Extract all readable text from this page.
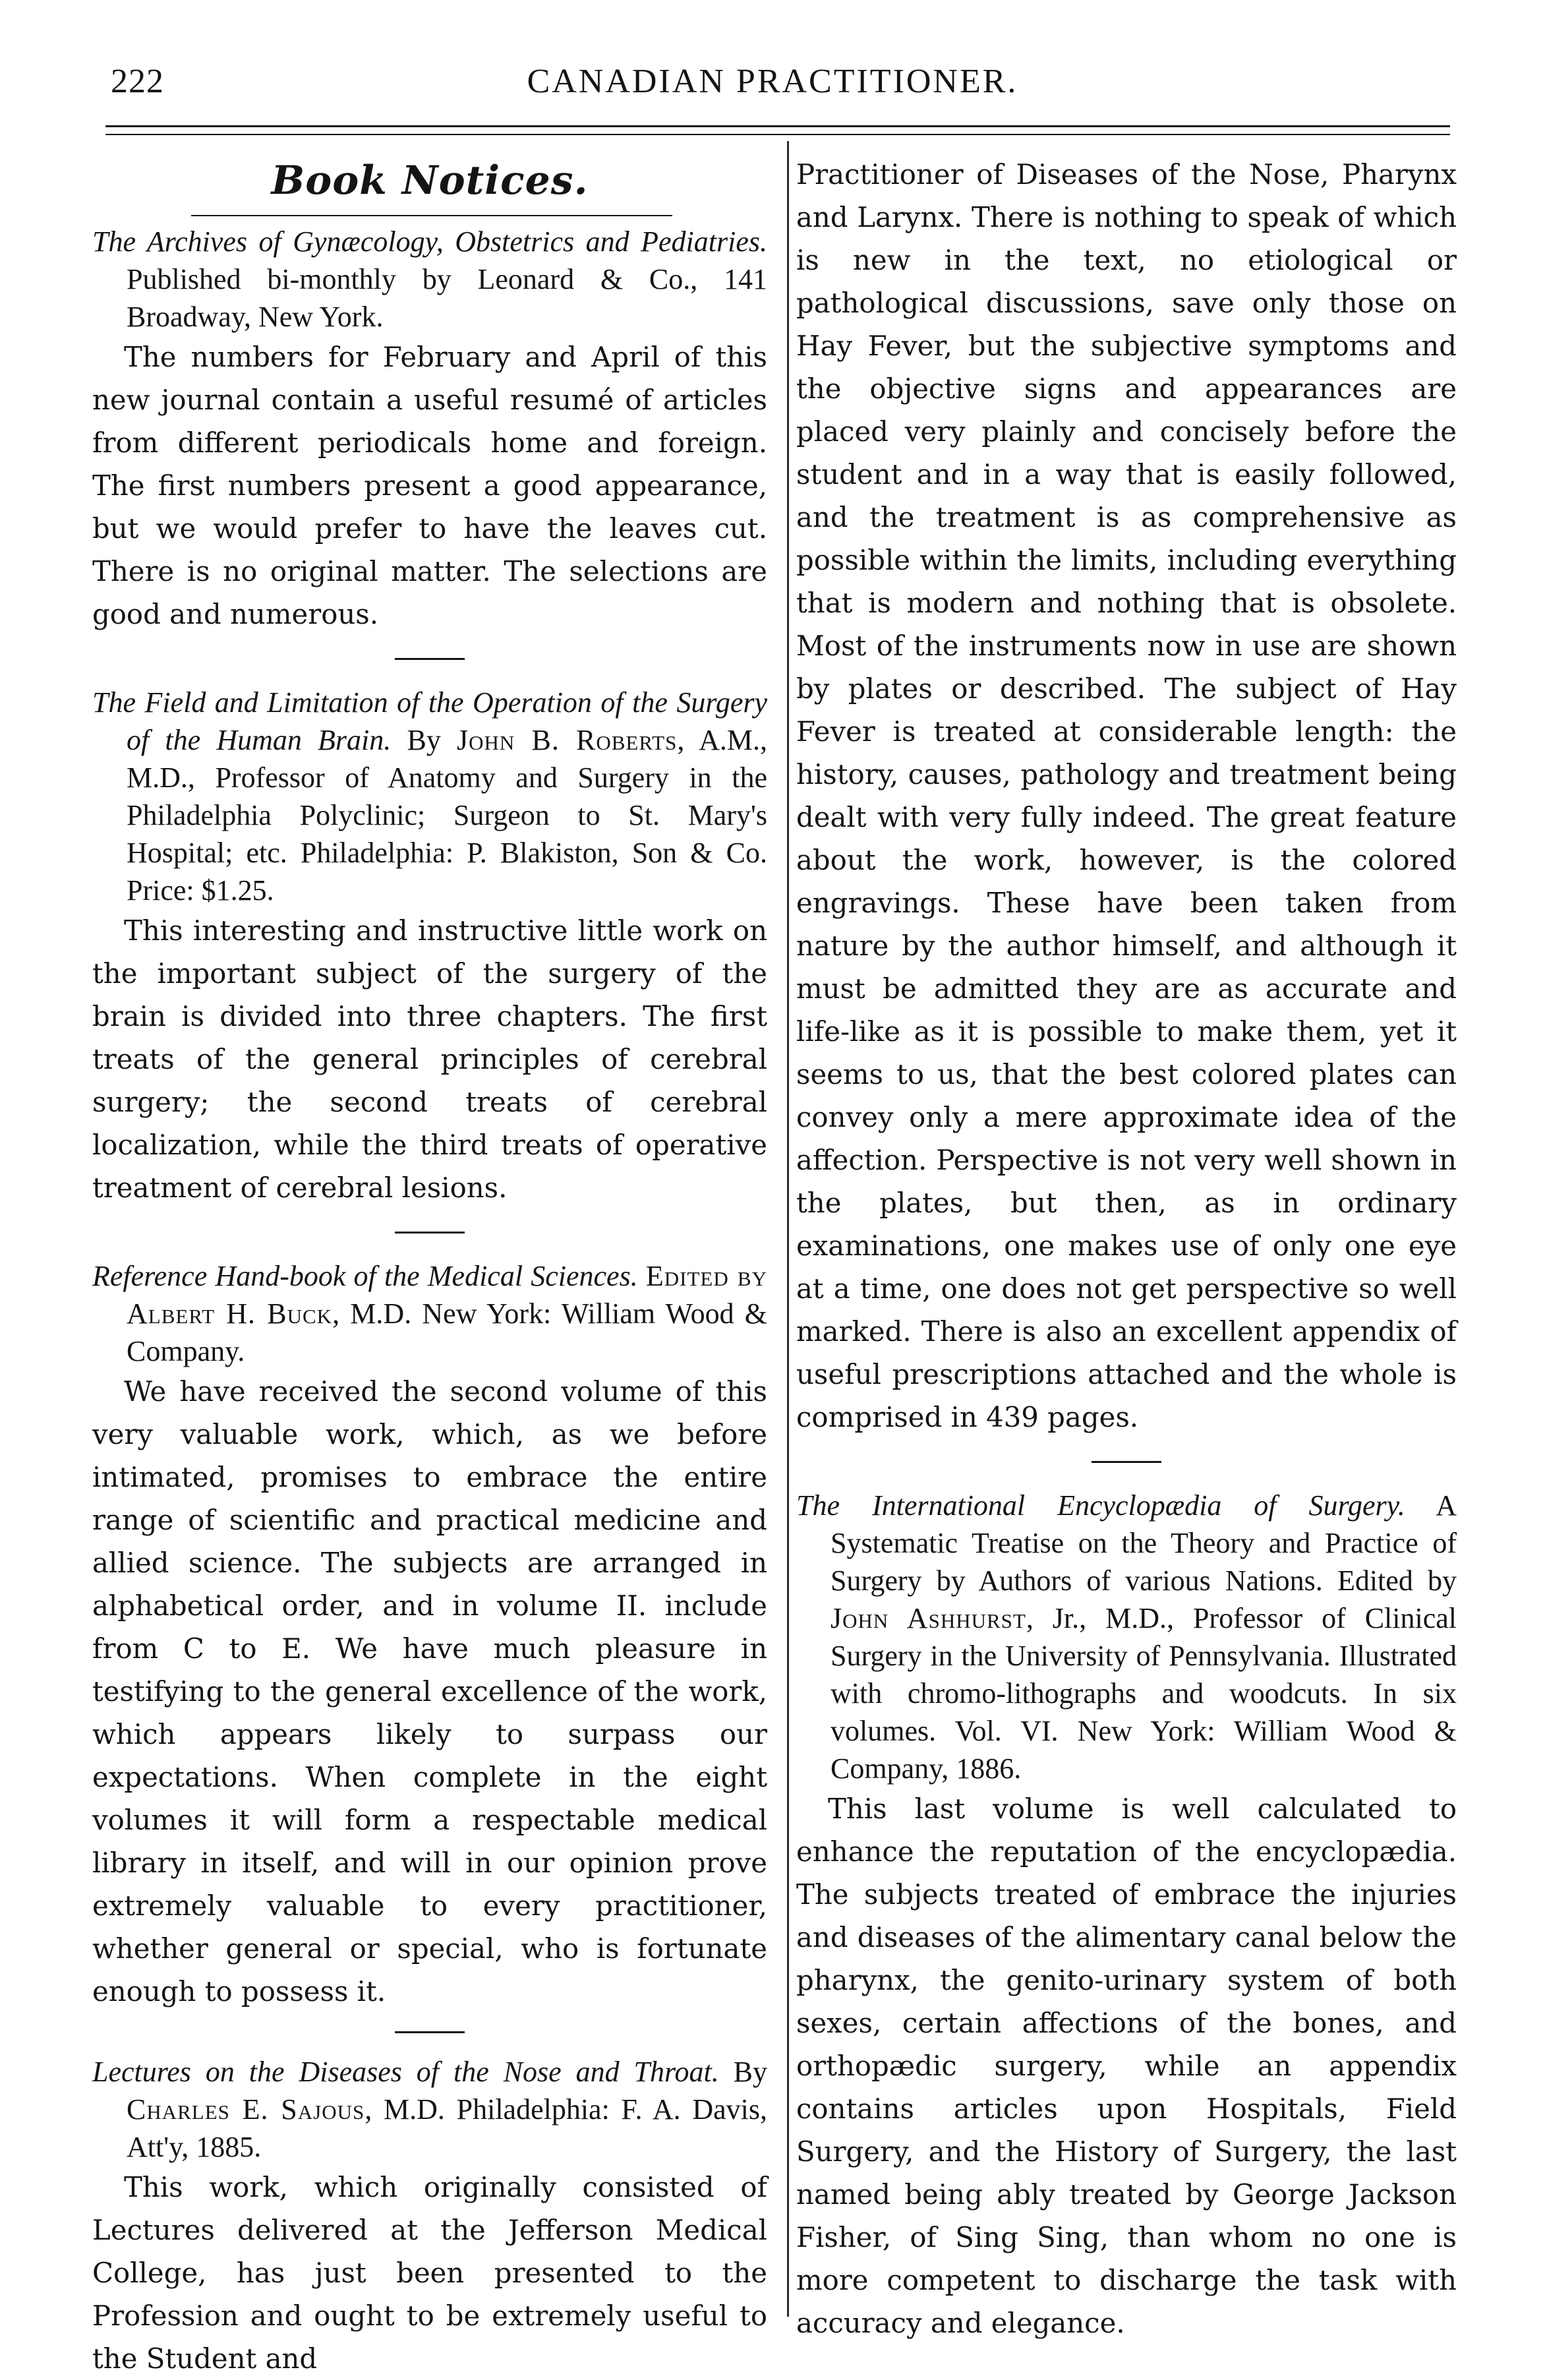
222	CANADIAN PRACTITIONER.
Book Notices.

The Archives of Gynæcology, Obstetrics and Pediatries. Published bi-monthly by Leonard & Co., 141 Broadway, New York.

The numbers for February and April of this new journal contain a useful resumé of articles from different periodicals home and foreign. The first numbers present a good appearance, but we would prefer to have the leaves cut. There is no original matter. The selections are good and numerous.

The Field and Limitation of the Operation of the Surgery of the Human Brain. By John B. Roberts, A.M., M.D., Professor of Anatomy and Surgery in the Philadelphia Polyclinic; Surgeon to St. Mary's Hospital; etc. Philadelphia: P. Blakiston, Son & Co. Price: $1.25.

This interesting and instructive little work on the important subject of the surgery of the brain is divided into three chapters. The first treats of the general principles of cerebral surgery; the second treats of cerebral localization, while the third treats of operative treatment of cerebral lesions.

Reference Hand-book of the Medical Sciences. Edited by Albert H. Buck, M.D. New York: William Wood & Company.

We have received the second volume of this very valuable work, which, as we before intimated, promises to embrace the entire range of scientific and practical medicine and allied science. The subjects are arranged in alphabetical order, and in volume II. include from C to E. We have much pleasure in testifying to the general excellence of the work, which appears likely to surpass our expectations. When complete in the eight volumes it will form a respectable medical library in itself, and will in our opinion prove extremely valuable to every practitioner, whether general or special, who is fortunate enough to possess it.

Lectures on the Diseases of the Nose and Throat. By Charles E. Sajous, M.D. Philadelphia: F. A. Davis, Att'y, 1885.

This work, which originally consisted of Lectures delivered at the Jefferson Medical College, has just been presented to the Profession and ought to be extremely useful to the Student and

Practitioner of Diseases of the Nose, Pharynx and Larynx. There is nothing to speak of which is new in the text, no etiological or pathological discussions, save only those on Hay Fever, but the subjective symptoms and the objective signs and appearances are placed very plainly and concisely before the student and in a way that is easily followed, and the treatment is as comprehensive as possible within the limits, including everything that is modern and nothing that is obsolete. Most of the instruments now in use are shown by plates or described. The subject of Hay Fever is treated at considerable length: the history, causes, pathology and treatment being dealt with very fully indeed. The great feature about the work, however, is the colored engravings. These have been taken from nature by the author himself, and although it must be admitted they are as accurate and life-like as it is possible to make them, yet it seems to us, that the best colored plates can convey only a mere approximate idea of the affection. Perspective is not very well shown in the plates, but then, as in ordinary examinations, one makes use of only one eye at a time, one does not get perspective so well marked. There is also an excellent appendix of useful prescriptions attached and the whole is comprised in 439 pages.

The International Encyclopædia of Surgery. A Systematic Treatise on the Theory and Practice of Surgery by Authors of various Nations. Edited by John Ashhurst, Jr., M.D., Professor of Clinical Surgery in the University of Pennsylvania. Illustrated with chromo-lithographs and woodcuts. In six volumes. Vol. VI. New York: William Wood & Company, 1886.

This last volume is well calculated to enhance the reputation of the encyclopædia. The subjects treated of embrace the injuries and diseases of the alimentary canal below the pharynx, the genito-urinary system of both sexes, certain affections of the bones, and orthopædic surgery, while an appendix contains articles upon Hospitals, Field Surgery, and the History of Surgery, the last named being ably treated by George Jackson Fisher, of Sing Sing, than whom no one is more competent to discharge the task with accuracy and elegance.
